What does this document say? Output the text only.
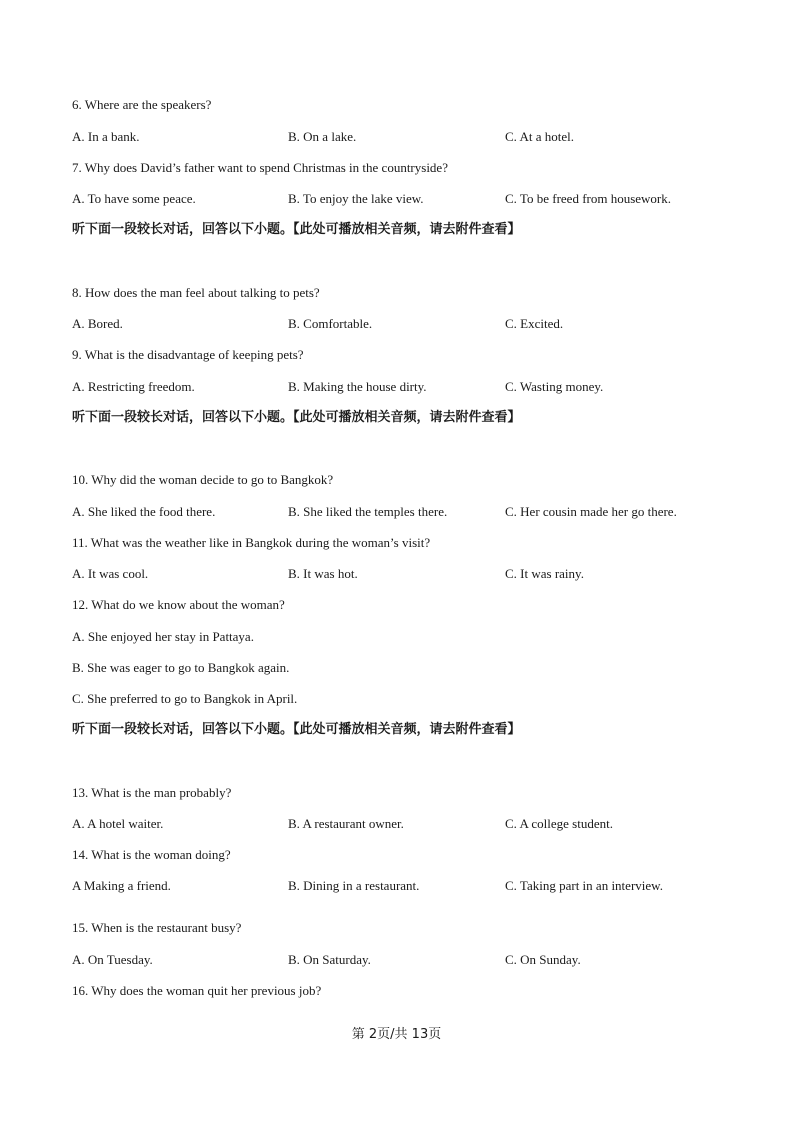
6. Where are the speakers?
A. In a bank.	B. On a lake.	C. At a hotel.
7. Why does David’s father want to spend Christmas in the countryside?
A. To have some peace.	B. To enjoy the lake view.	C. To be freed from housework.
听下面一段较长对话，回答以下小题。【此处可播放相关音频，请去附件查看】
8. How does the man feel about talking to pets?
A. Bored.	B. Comfortable.	C. Excited.
9. What is the disadvantage of keeping pets?
A. Restricting freedom.	B. Making the house dirty.	C. Wasting money.
听下面一段较长对话，回答以下小题。【此处可播放相关音频，请去附件查看】
10. Why did the woman decide to go to Bangkok?
A. She liked the food there.	B. She liked the temples there.	C. Her cousin made her go there.
11. What was the weather like in Bangkok during the woman’s visit?
A. It was cool.	B. It was hot.	C. It was rainy.
12. What do we know about the woman?
A. She enjoyed her stay in Pattaya.
B. She was eager to go to Bangkok again.
C. She preferred to go to Bangkok in April.
听下面一段较长对话，回答以下小题。【此处可播放相关音频，请去附件查看】
13. What is the man probably?
A. A hotel waiter.	B. A restaurant owner.	C. A college student.
14. What is the woman doing?
A Making a friend.	B. Dining in a restaurant.	C. Taking part in an interview.
15. When is the restaurant busy?
A. On Tuesday.	B. On Saturday.	C. On Sunday.
16. Why does the woman quit her previous job?
第 2页/共 13页
